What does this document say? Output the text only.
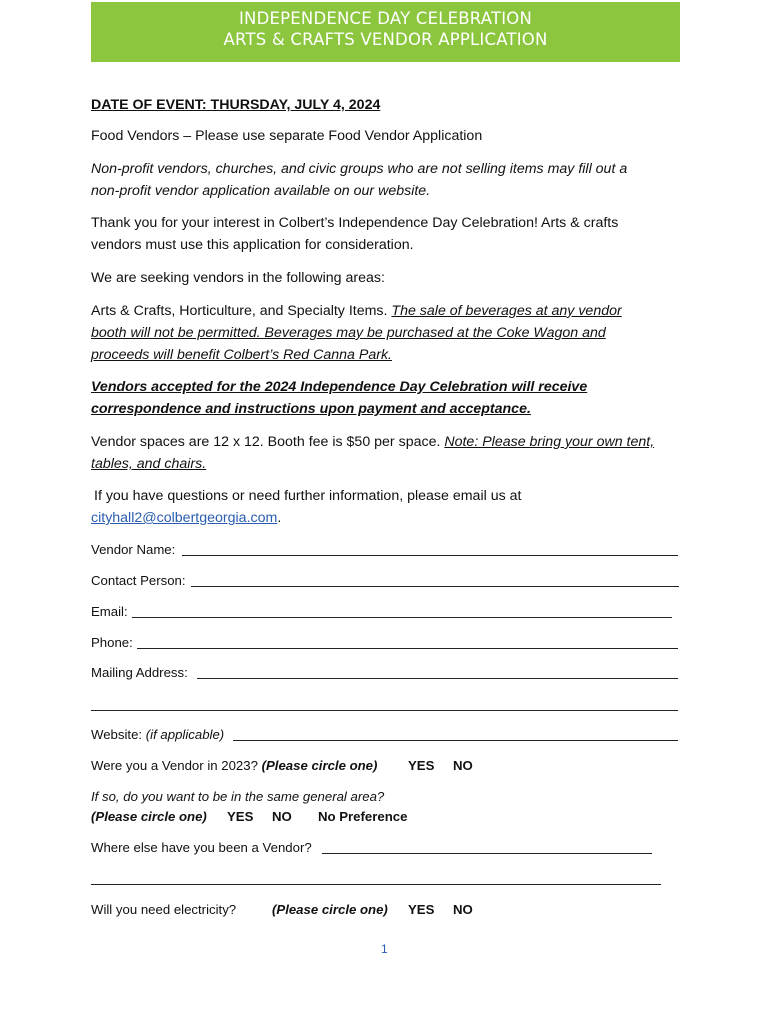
INDEPENDENCE DAY CELEBRATION
ARTS & CRAFTS VENDOR APPLICATION
DATE OF EVENT: THURSDAY, JULY 4, 2024
Food Vendors – Please use separate Food Vendor Application
Non-profit vendors, churches, and civic groups who are not selling items may fill out a
non-profit vendor application available on our website.
Thank you for your interest in Colbert’s Independence Day Celebration! Arts & crafts
vendors must use this application for consideration.
We are seeking vendors in the following areas:
Arts & Crafts, Horticulture, and Specialty Items. The sale of beverages at any vendor
booth will not be permitted. Beverages may be purchased at the Coke Wagon and
proceeds will benefit Colbert’s Red Canna Park.
Vendors accepted for the 2024 Independence Day Celebration will receive
correspondence and instructions upon payment and acceptance.
Vendor spaces are 12 x 12. Booth fee is $50 per space. Note: Please bring your own tent,
tables, and chairs.
If you have questions or need further information, please email us at
cityhall2@colbertgeorgia.com.
Vendor Name:
Contact Person:
Email:
Phone:
Mailing Address:
Website: (if applicable)
Were you a Vendor in 2023? (Please circle one) YES NO
If so, do you want to be in the same general area?
(Please circle one) YES NO No Preference
Where else have you been a Vendor?
Will you need electricity?	(Please circle one) YES NO
1
